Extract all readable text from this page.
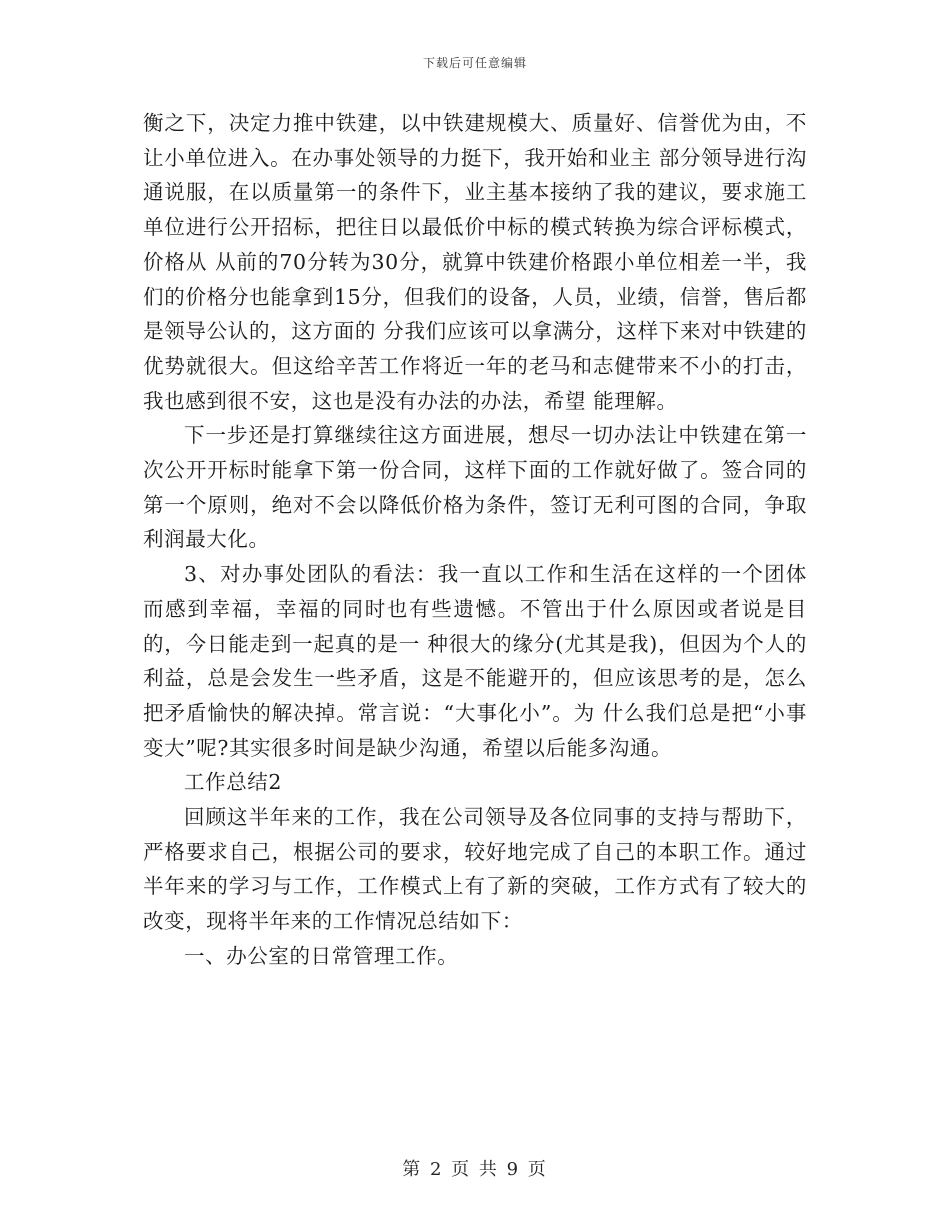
下载后可任意编辑

衡之下，决定力推中铁建，以中铁建规模大、质量好、信誉优为由，不让小单位进入。在办事处领导的力挺下，我开始和业主 部分领导进行沟通说服，在以质量第一的条件下，业主基本接纳了我的建议，要求施工单位进行公开招标，把往日以最低价中标的模式转换为综合评标模式，价格从 从前的70分转为30分，就算中铁建价格跟小单位相差一半，我们的价格分也能拿到15分，但我们的设备，人员，业绩，信誉，售后都是领导公认的，这方面的 分我们应该可以拿满分，这样下来对中铁建的优势就很大。但这给辛苦工作将近一年的老马和志健带来不小的打击，我也感到很不安，这也是没有办法的办法，希望 能理解。

下一步还是打算继续往这方面进展，想尽一切办法让中铁建在第一次公开开标时能拿下第一份合同，这样下面的工作就好做了。签合同的第一个原则，绝对不会以降低价格为条件，签订无利可图的合同，争取利润最大化。

3、对办事处团队的看法：我一直以工作和生活在这样的一个团体而感到幸福，幸福的同时也有些遗憾。不管出于什么原因或者说是目的，今日能走到一起真的是一 种很大的缘分(尤其是我)，但因为个人的利益，总是会发生一些矛盾，这是不能避开的，但应该思考的是，怎么把矛盾愉快的解决掉。常言说：“大事化小”。为 什么我们总是把“小事变大”呢?其实很多时间是缺少沟通，希望以后能多沟通。

工作总结2

回顾这半年来的工作，我在公司领导及各位同事的支持与帮助下，严格要求自己，根据公司的要求，较好地完成了自己的本职工作。通过半年来的学习与工作，工作模式上有了新的突破，工作方式有了较大的改变，现将半年来的工作情况总结如下：

一、办公室的日常管理工作。

第 2 页 共 9 页
